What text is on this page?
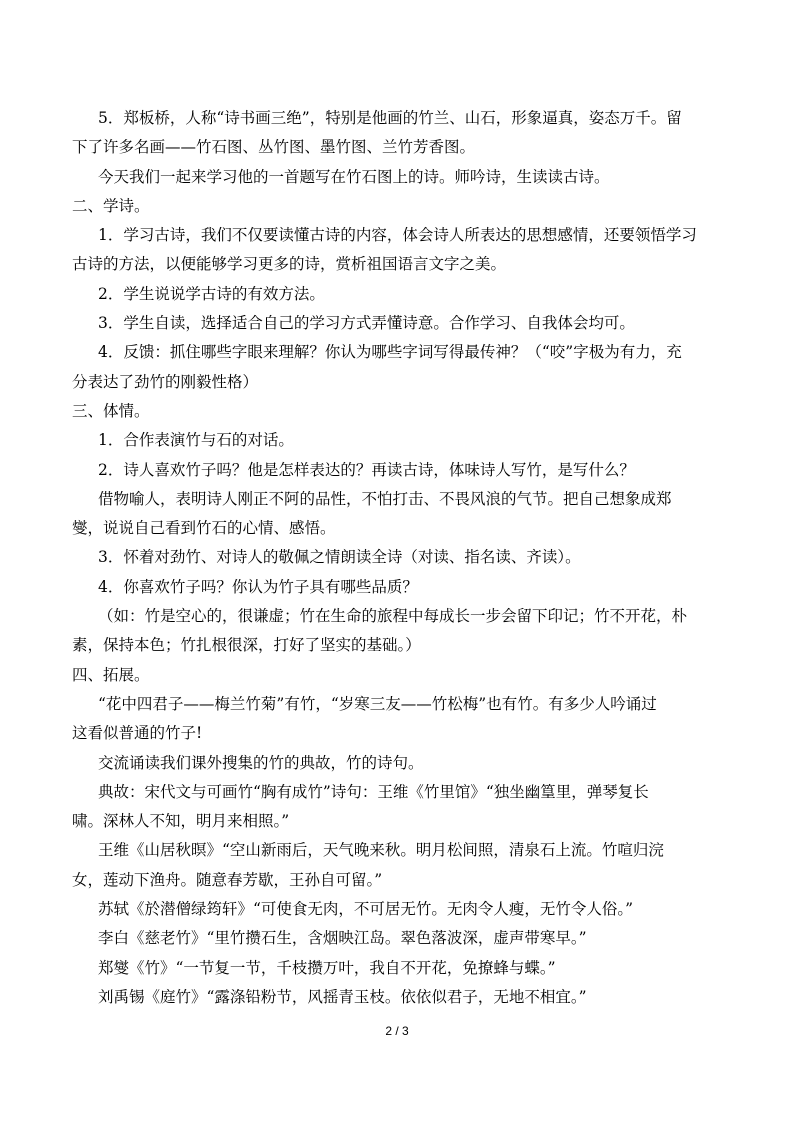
5．郑板桥，人称“诗书画三绝”，特别是他画的竹兰、山石，形象逼真，姿态万千。留
下了许多名画——竹石图、丛竹图、墨竹图、兰竹芳香图。
今天我们一起来学习他的一首题写在竹石图上的诗。师吟诗，生读读古诗。
二、学诗。
1．学习古诗，我们不仅要读懂古诗的内容，体会诗人所表达的思想感情，还要领悟学习
古诗的方法，以便能够学习更多的诗，赏析祖国语言文字之美。
2．学生说说学古诗的有效方法。
3．学生自读，选择适合自己的学习方式弄懂诗意。合作学习、自我体会均可。
4．反馈：抓住哪些字眼来理解？你认为哪些字词写得最传神？（“咬”字极为有力，充
分表达了劲竹的刚毅性格）
三、体情。
1．合作表演竹与石的对话。
2．诗人喜欢竹子吗？他是怎样表达的？再读古诗，体味诗人写竹，是写什么？
借物喻人，表明诗人刚正不阿的品性，不怕打击、不畏风浪的气节。把自己想象成郑
燮，说说自己看到竹石的心情、感悟。
3．怀着对劲竹、对诗人的敬佩之情朗读全诗（对读、指名读、齐读）。
4．你喜欢竹子吗？你认为竹子具有哪些品质？
（如：竹是空心的，很谦虚；竹在生命的旅程中每成长一步会留下印记；竹不开花，朴
素，保持本色；竹扎根很深，打好了坚实的基础。）
四、拓展。
“花中四君子——梅兰竹菊”有竹，“岁寒三友——竹松梅”也有竹。有多少人吟诵过
这看似普通的竹子!
交流诵读我们课外搜集的竹的典故，竹的诗句。
典故：宋代文与可画竹“胸有成竹”诗句：王维《竹里馆》“独坐幽篁里，弹琴复长
啸。深林人不知，明月来相照。”
王维《山居秋暝》“空山新雨后，天气晚来秋。明月松间照，清泉石上流。竹喧归浣
女，莲动下渔舟。随意春芳歇，王孙自可留。”
苏轼《於潜僧绿筠轩》“可使食无肉，不可居无竹。无肉令人瘦，无竹令人俗。”
李白《慈老竹》“里竹攒石生，含烟映江岛。翠色落波深，虚声带寒早。”
郑燮《竹》“一节复一节，千枝攒万叶，我自不开花，免撩蜂与蝶。”
刘禹锡《庭竹》“露涤铅粉节，风摇青玉枝。依依似君子，无地不相宜。”
2 / 3
